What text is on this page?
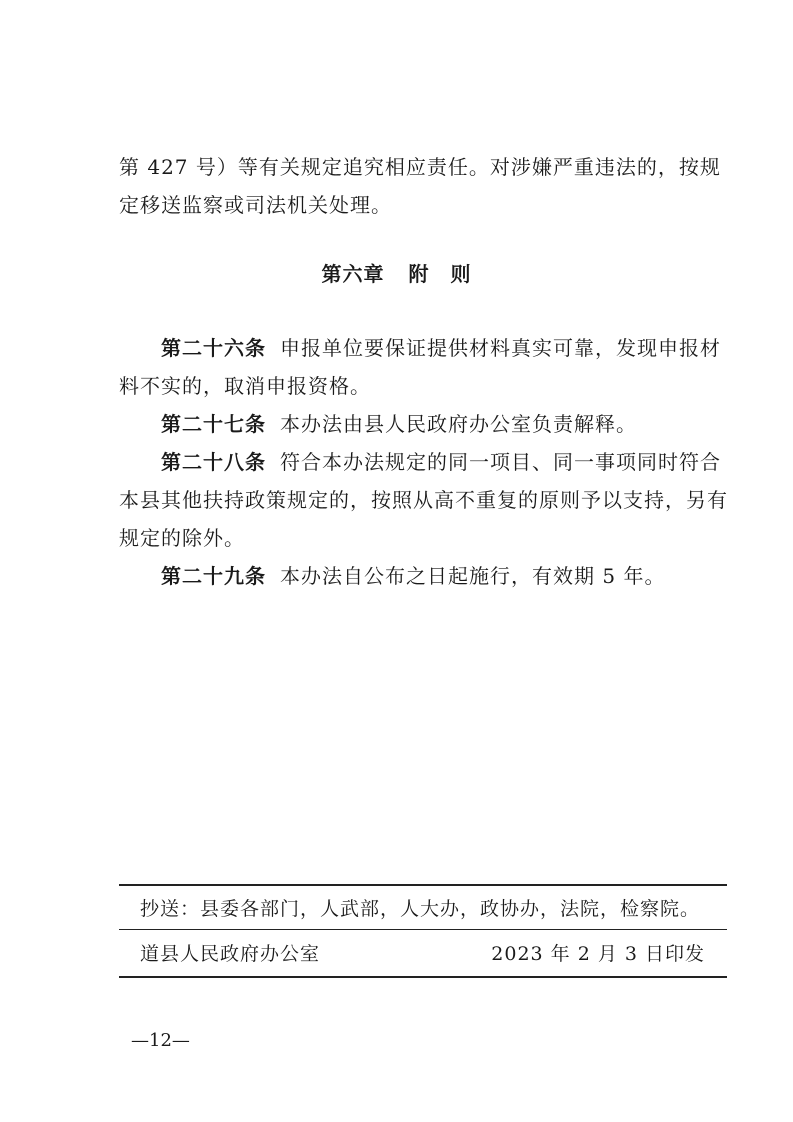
第 427 号）等有关规定追究相应责任。对涉嫌严重违法的，按规
定移送监察或司法机关处理。

第六章 附　则

第二十六条 申报单位要保证提供材料真实可靠，发现申报材料不实的，取消申报资格。

第二十七条 本办法由县人民政府办公室负责解释。

第二十八条 符合本办法规定的同一项目、同一事项同时符合本县其他扶持政策规定的，按照从高不重复的原则予以支持，另有规定的除外。

第二十九条 本办法自公布之日起施行，有效期 5 年。

抄送：县委各部门，人武部，人大办，政协办，法院，检察院。

道县人民政府办公室	2023 年 2 月 3 日印发

—12—
